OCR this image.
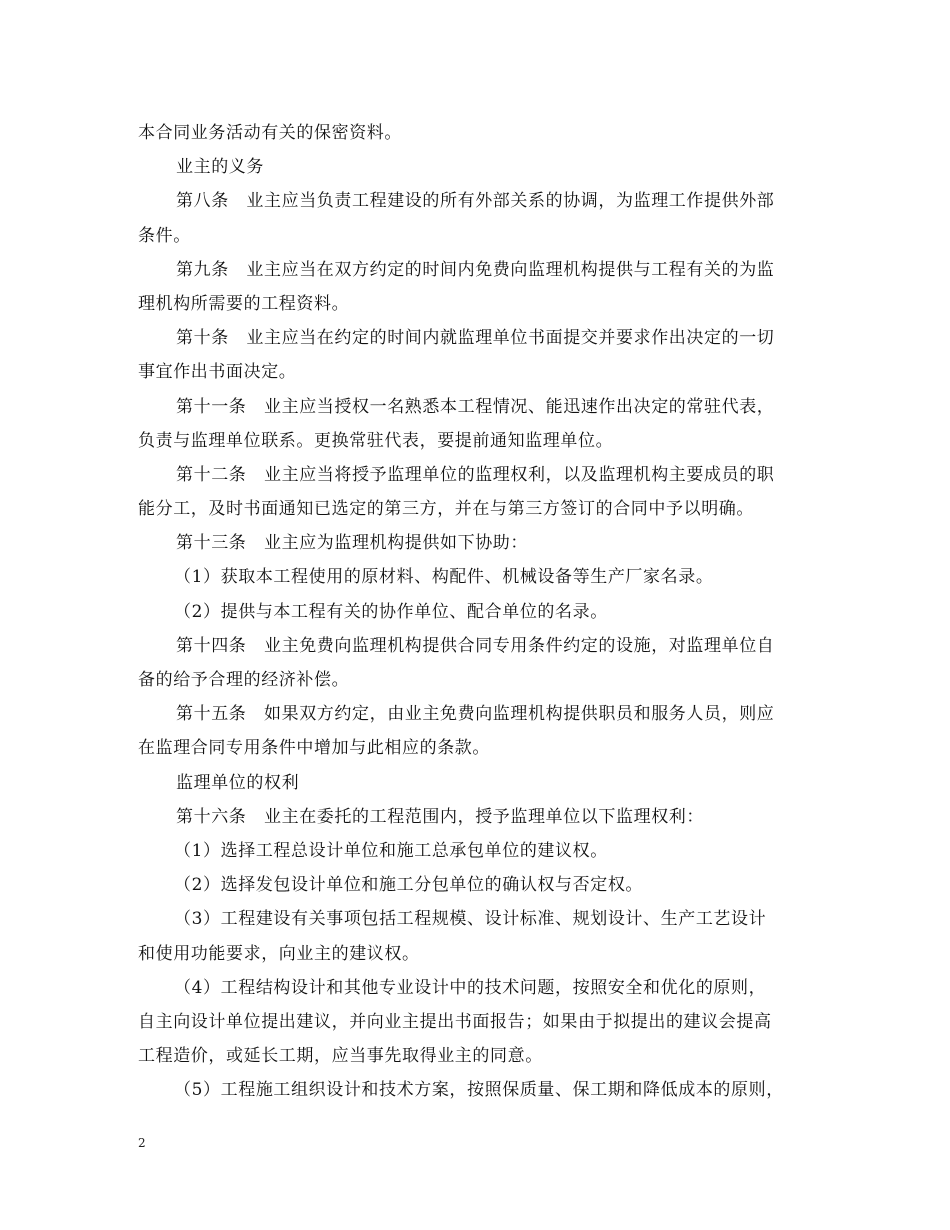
本合同业务活动有关的保密资料。
业主的义务
第八条　业主应当负责工程建设的所有外部关系的协调，为监理工作提供外部
条件。
第九条　业主应当在双方约定的时间内免费向监理机构提供与工程有关的为监
理机构所需要的工程资料。
第十条　业主应当在约定的时间内就监理单位书面提交并要求作出决定的一切
事宜作出书面决定。
第十一条　业主应当授权一名熟悉本工程情况、能迅速作出决定的常驻代表，
负责与监理单位联系。更换常驻代表，要提前通知监理单位。
第十二条　业主应当将授予监理单位的监理权利，以及监理机构主要成员的职
能分工，及时书面通知已选定的第三方，并在与第三方签订的合同中予以明确。
第十三条　业主应为监理机构提供如下协助：
（1）获取本工程使用的原材料、构配件、机械设备等生产厂家名录。
（2）提供与本工程有关的协作单位、配合单位的名录。
第十四条　业主免费向监理机构提供合同专用条件约定的设施，对监理单位自
备的给予合理的经济补偿。
第十五条　如果双方约定，由业主免费向监理机构提供职员和服务人员，则应
在监理合同专用条件中增加与此相应的条款。
监理单位的权利
第十六条　业主在委托的工程范围内，授予监理单位以下监理权利：
（1）选择工程总设计单位和施工总承包单位的建议权。
（2）选择发包设计单位和施工分包单位的确认权与否定权。
（3）工程建设有关事项包括工程规模、设计标准、规划设计、生产工艺设计
和使用功能要求，向业主的建议权。
（4）工程结构设计和其他专业设计中的技术问题，按照安全和优化的原则，
自主向设计单位提出建议，并向业主提出书面报告；如果由于拟提出的建议会提高
工程造价，或延长工期，应当事先取得业主的同意。
（5）工程施工组织设计和技术方案，按照保质量、保工期和降低成本的原则，
2
